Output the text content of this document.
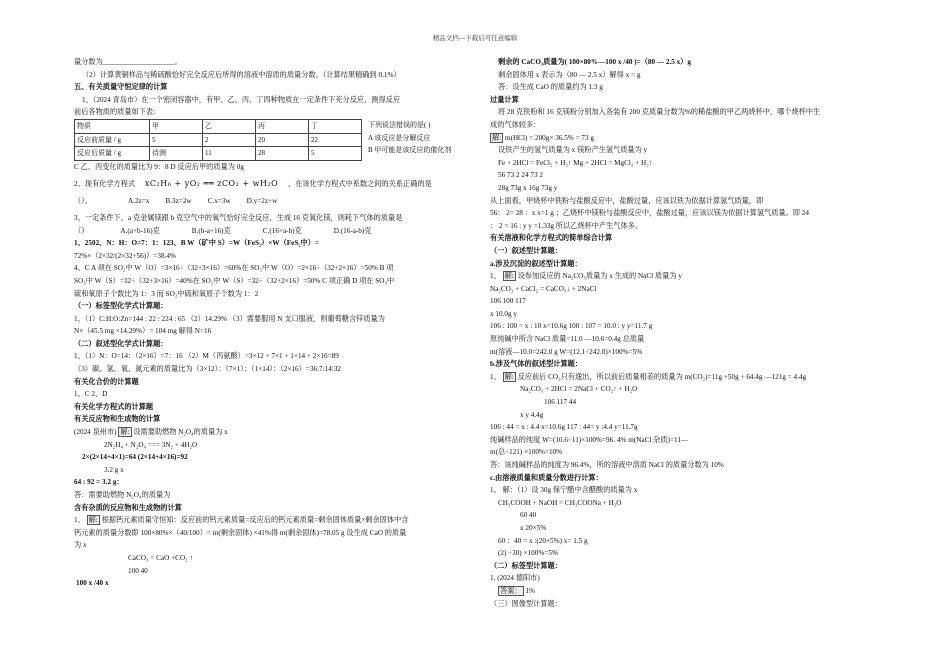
精品文档---下载后可任意编辑
量分数为____________________。
（2）计算黄铜样品与稀硫酸恰好完全反应后所得的溶液中溶质的质量分数。（计算结果精确到 0.1%）
五、有关质量守恒定律的计算
1、（2024 青岛市）在一个密闭容器中，有甲、乙、丙、丁四种物质在一定条件下充分反应，测得反应
前后各物质的质量如下表：
物质	甲	乙	丙	丁
反应前质量 / g	5	2	20	22
反应后质量 / g	待测	11	28	5
下列说法错误的是( )
A 该反应是分解反应
B 甲可能是该反应的催化剂
C 乙、丙变化的质量比为 9：8 D 反应后甲的质量为 0g
2、现有化学方程式 xC₂H₆ + yO₂ ══ zCO₂ + wH₂O ，在该化学方程式中系数之间的关系正确的是
（）。	A.2z=x B.3z=2w C.x=3w D.y=2z+w
3、一定条件下，a 克金属镁跟 b 克空气中的氧气恰好完全反应，生成 16 克氧化镁，则耗下气体的质量是
（）	A.(a+b-16)克	B.(b-a+16)克	C.(16+a-b)克	D.(16-a-b)克
1、2502、N：H：O=7：1：123、B W（矿中 S）=W（FeS₂）×W（FeS₂中）=
72%×（2×32/(2×32+56)）=38.4%
4、C A 项在 SO₂中 W（O）=3×16÷（32+3×16）=60%在 SO₃中 W（O）=2×16÷（32+2×16）=50% B 项
SO₃中 W（S）=32÷（32+3×16）=40%在 SO₂中 W（S）=32÷（32+2×16）=50% C 项正确 D 项在 SO₃中
硫和氧原子个数比为 1：3 而 SO₂中硫和氧原子个数为 1：2
（一）标签型化学式计算题：
1、（1）C:H:O:Zn=144 : 22 : 224 : 65 （2）14.29% （3）需要服用 N 支口服液，则葡萄糖含锌质量为
N×（45.5 mg ×14.29%）= 104 mg 解得 N=16
（二）叙述型化学式计算题：
1、（1）N：O=14：（2×16）=7：16 （2）M（丙氨酸）=3×12 + 7×1 + 1×14 + 2×16=89
（3）碳、氢、氧、氮元素的质量比为（3×12）：（7×1）：（1×14）：（2×16）=36:7:14:32
有关化合价的计算题
1、C 2、D
有关化学方程式的计算题
有关反应物和生成物的计算
(2024 泉州市) 解: 设需要助燃物 N₂O₄的质量为 x
2N₂H₄ + N₂O₄ === 3N₂ + 4H₂O
2×(2×14+4×1)=64 (2×14+4×16)=92
3.2 g x
64 : 92 = 3.2 g：
答：需要助燃物 N₂O₄的质量为
含有杂质的反应物和生成物的计算
1、 解: 根据钙元素质量守恒知：反应前的钙元素质量=反应后的钙元素质量=剩余固体质量×剩余固体中含
钙元素的质量分数即 100×80%×（40/100）= m(剩余固体) ×41%得 m(剩余固体)=78.05 g 设生成 CaO 的质量
为 x
CaCO₃ = CaO +CO₂ ↑
100 40
100 x /40 x
剩余的 CaCO₃质量为( 100×80%—100 x /40 )=（80 — 2.5 x）g
剩余固体用 x 表示为（80 — 2.5 x）解得 x = g
答：设生成 CaO 的质量约为 1.3 g
过量计算
将 28 克铁粉和 16 克镁粉分别加入各装有 200 克质量分数为%的稀盐酸的甲乙两烧杯中，哪个烧杯中生
成的气体较多：
解: m(HCl) = 200g× 36.5% = 73 g
设铁产生的氢气质量为 x 镁粉产生氢气质量为 y
Fe + 2HCl = FeCl₂ + H₂↑ Mg + 2HCl = MgCl₂ + H₂↑
56 73 2 24 73 2
28g 73g x 16g 73g y
从上面看，甲烧杯中铁粉与盐酸反应中，盐酸过量，应该以铁为依据计算氢气质量，即
56： 2= 28 ：x x=1 g ；乙烧杯中镁粉与盐酸反应中，盐酸过量，应该以镁为依据计算氢气质量。即 24
： 2 = 16 : y y =1.33g 所以乙烧杯中产生气体多。
有关溶液和化学方程式的简单综合计算
（一）叙述型计算题：
a.涉及沉淀的叙述型计算题：
1、 解: 设参加反应的 Na₂CO₃质量为 x 生成的 NaCl 质量为 y
Na₂CO₃ + CaCl₂ = CaCO₃↓ + 2NaCl
106 100 117
x 10.0g y
106 : 100 = x : 10 x=10.6g 100 : 107 = 10.0 : y y=11.7 g
原纯碱中所含 NaCl 质量=11.0 —10.6=0.4g 总质量
m(溶液—10.0=242.0 g W=(12.1÷242.0)×100%=5%
b.涉及气体的叙述型计算题：
1、 解: 反应前后 CO₂只有逸出，所以前后质量相差的质量为 m(CO₂)=11g +50g + 64.4g —121g = 4.4g
Na₂CO₃ + 2HCl = 2NaCl + CO₂↑ + H₂O
106 117 44
x y 4.4g
106 : 44 = x : 4.4 x=10.6g 117 : 44= y :4.4 y=11.7g
纯碱样品的纯度 W=(10.6÷11)×100%=96. 4% m(NaCl 杂质)=11—
m(总÷121) ×100%=10%
答：该纯碱样品的纯度为 96.4%，所的溶液中溶质 NaCl 的质量分数为 10%
c.由溶液质量和质量分数进行计算：
1、 解：（1）设 30g 保宁醋中含醋酸的质量为 x
CH₃COOH + NaOH = CH₃COONa + H₂O
60 40
x 20×5%
60 ：40 = x :(20×5%) x= 1.5 g
(2) ÷30) ×100%=5%
（二）标签型计算题：
1. (2024 德阳市)
答案： 1%
（三）图像型计算题：
